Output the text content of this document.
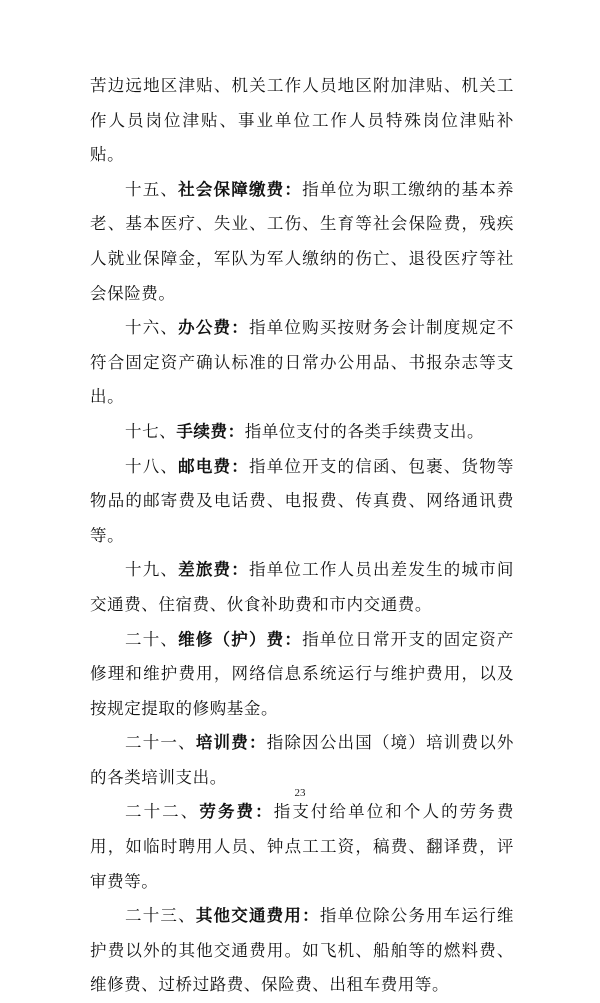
苦边远地区津贴、机关工作人员地区附加津贴、机关工作人员岗位津贴、事业单位工作人员特殊岗位津贴补贴。

十五、社会保障缴费：指单位为职工缴纳的基本养老、基本医疗、失业、工伤、生育等社会保险费，残疾人就业保障金，军队为军人缴纳的伤亡、退役医疗等社会保险费。

十六、办公费：指单位购买按财务会计制度规定不符合固定资产确认标准的日常办公用品、书报杂志等支出。

十七、手续费：指单位支付的各类手续费支出。

十八、邮电费：指单位开支的信函、包裹、货物等物品的邮寄费及电话费、电报费、传真费、网络通讯费等。

十九、差旅费：指单位工作人员出差发生的城市间交通费、住宿费、伙食补助费和市内交通费。

二十、维修（护）费：指单位日常开支的固定资产修理和维护费用，网络信息系统运行与维护费用，以及按规定提取的修购基金。

二十一、培训费：指除因公出国（境）培训费以外的各类培训支出。

二十二、劳务费：指支付给单位和个人的劳务费用，如临时聘用人员、钟点工工资，稿费、翻译费，评审费等。

二十三、其他交通费用：指单位除公务用车运行维护费以外的其他交通费用。如飞机、船舶等的燃料费、维修费、过桥过路费、保险费、出租车费用等。

23
